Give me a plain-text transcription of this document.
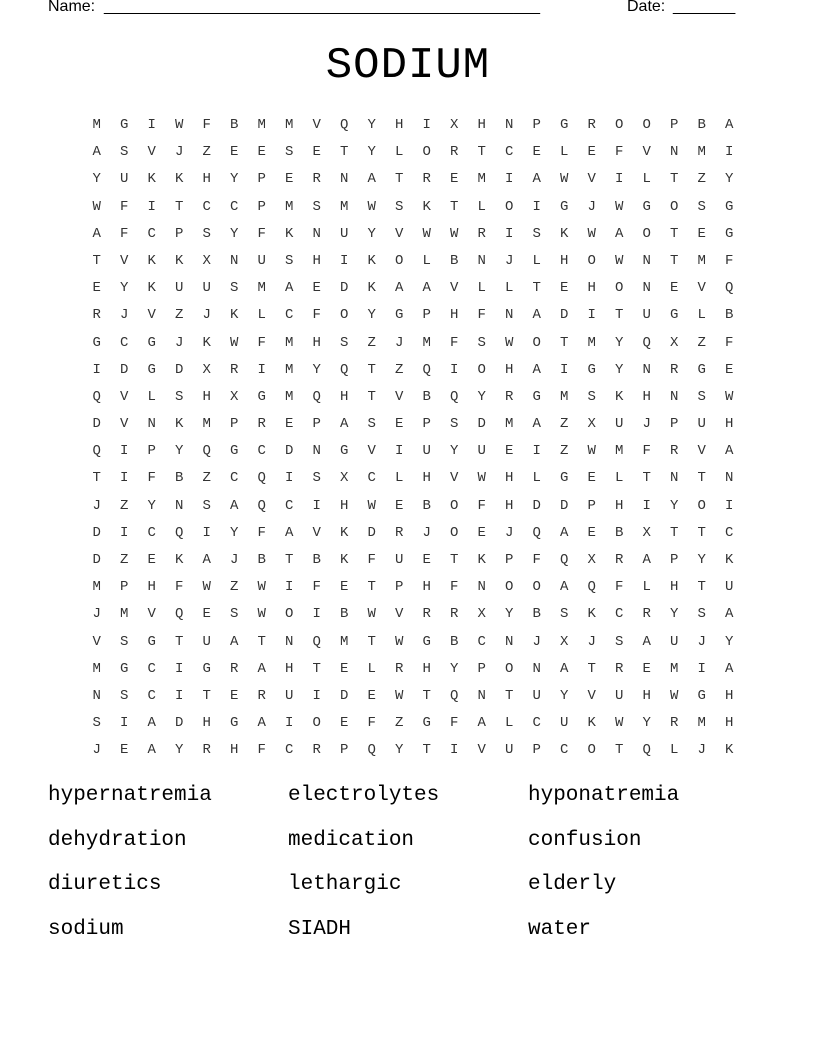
Name: _________________________________________________	Date: _______
SODIUM
M	G	I	W	F	B	M	M	V	Q	Y	H	I	X	H	N	P	G	R	O	O	P	B	A
A	S	V	J	Z	E	E	S	E	T	Y	L	O	R	T	C	E	L	E	F	V	N	M	I
Y	U	K	K	H	Y	P	E	R	N	A	T	R	E	M	I	A	W	V	I	L	T	Z	Y
W	F	I	T	C	C	P	M	S	M	W	S	K	T	L	O	I	G	J	W	G	O	S	G
A	F	C	P	S	Y	F	K	N	U	Y	V	W	W	R	I	S	K	W	A	O	T	E	G
T	V	K	K	X	N	U	S	H	I	K	O	L	B	N	J	L	H	O	W	N	T	M	F
E	Y	K	U	U	S	M	A	E	D	K	A	A	V	L	L	T	E	H	O	N	E	V	Q
R	J	V	Z	J	K	L	C	F	O	Y	G	P	H	F	N	A	D	I	T	U	G	L	B
G	C	G	J	K	W	F	M	H	S	Z	J	M	F	S	W	O	T	M	Y	Q	X	Z	F
I	D	G	D	X	R	I	M	Y	Q	T	Z	Q	I	O	H	A	I	G	Y	N	R	G	E
Q	V	L	S	H	X	G	M	Q	H	T	V	B	Q	Y	R	G	M	S	K	H	N	S	W
D	V	N	K	M	P	R	E	P	A	S	E	P	S	D	M	A	Z	X	U	J	P	U	H
Q	I	P	Y	Q	G	C	D	N	G	V	I	U	Y	U	E	I	Z	W	M	F	R	V	A
T	I	F	B	Z	C	Q	I	S	X	C	L	H	V	W	H	L	G	E	L	T	N	T	N
J	Z	Y	N	S	A	Q	C	I	H	W	E	B	O	F	H	D	D	P	H	I	Y	O	I
D	I	C	Q	I	Y	F	A	V	K	D	R	J	O	E	J	Q	A	E	B	X	T	T	C
D	Z	E	K	A	J	B	T	B	K	F	U	E	T	K	P	F	Q	X	R	A	P	Y	K
M	P	H	F	W	Z	W	I	F	E	T	P	H	F	N	O	O	A	Q	F	L	H	T	U
J	M	V	Q	E	S	W	O	I	B	W	V	R	R	X	Y	B	S	K	C	R	Y	S	A
V	S	G	T	U	A	T	N	Q	M	T	W	G	B	C	N	J	X	J	S	A	U	J	Y
M	G	C	I	G	R	A	H	T	E	L	R	H	Y	P	O	N	A	T	R	E	M	I	A
N	S	C	I	T	E	R	U	I	D	E	W	T	Q	N	T	U	Y	V	U	H	W	G	H
S	I	A	D	H	G	A	I	O	E	F	Z	G	F	A	L	C	U	K	W	Y	R	M	H
J	E	A	Y	R	H	F	C	R	P	Q	Y	T	I	V	U	P	C	O	T	Q	L	J	K
hypernatremia	electrolytes	hyponatremia
dehydration	medication	confusion
diuretics	lethargic	elderly
sodium	SIADH	water
